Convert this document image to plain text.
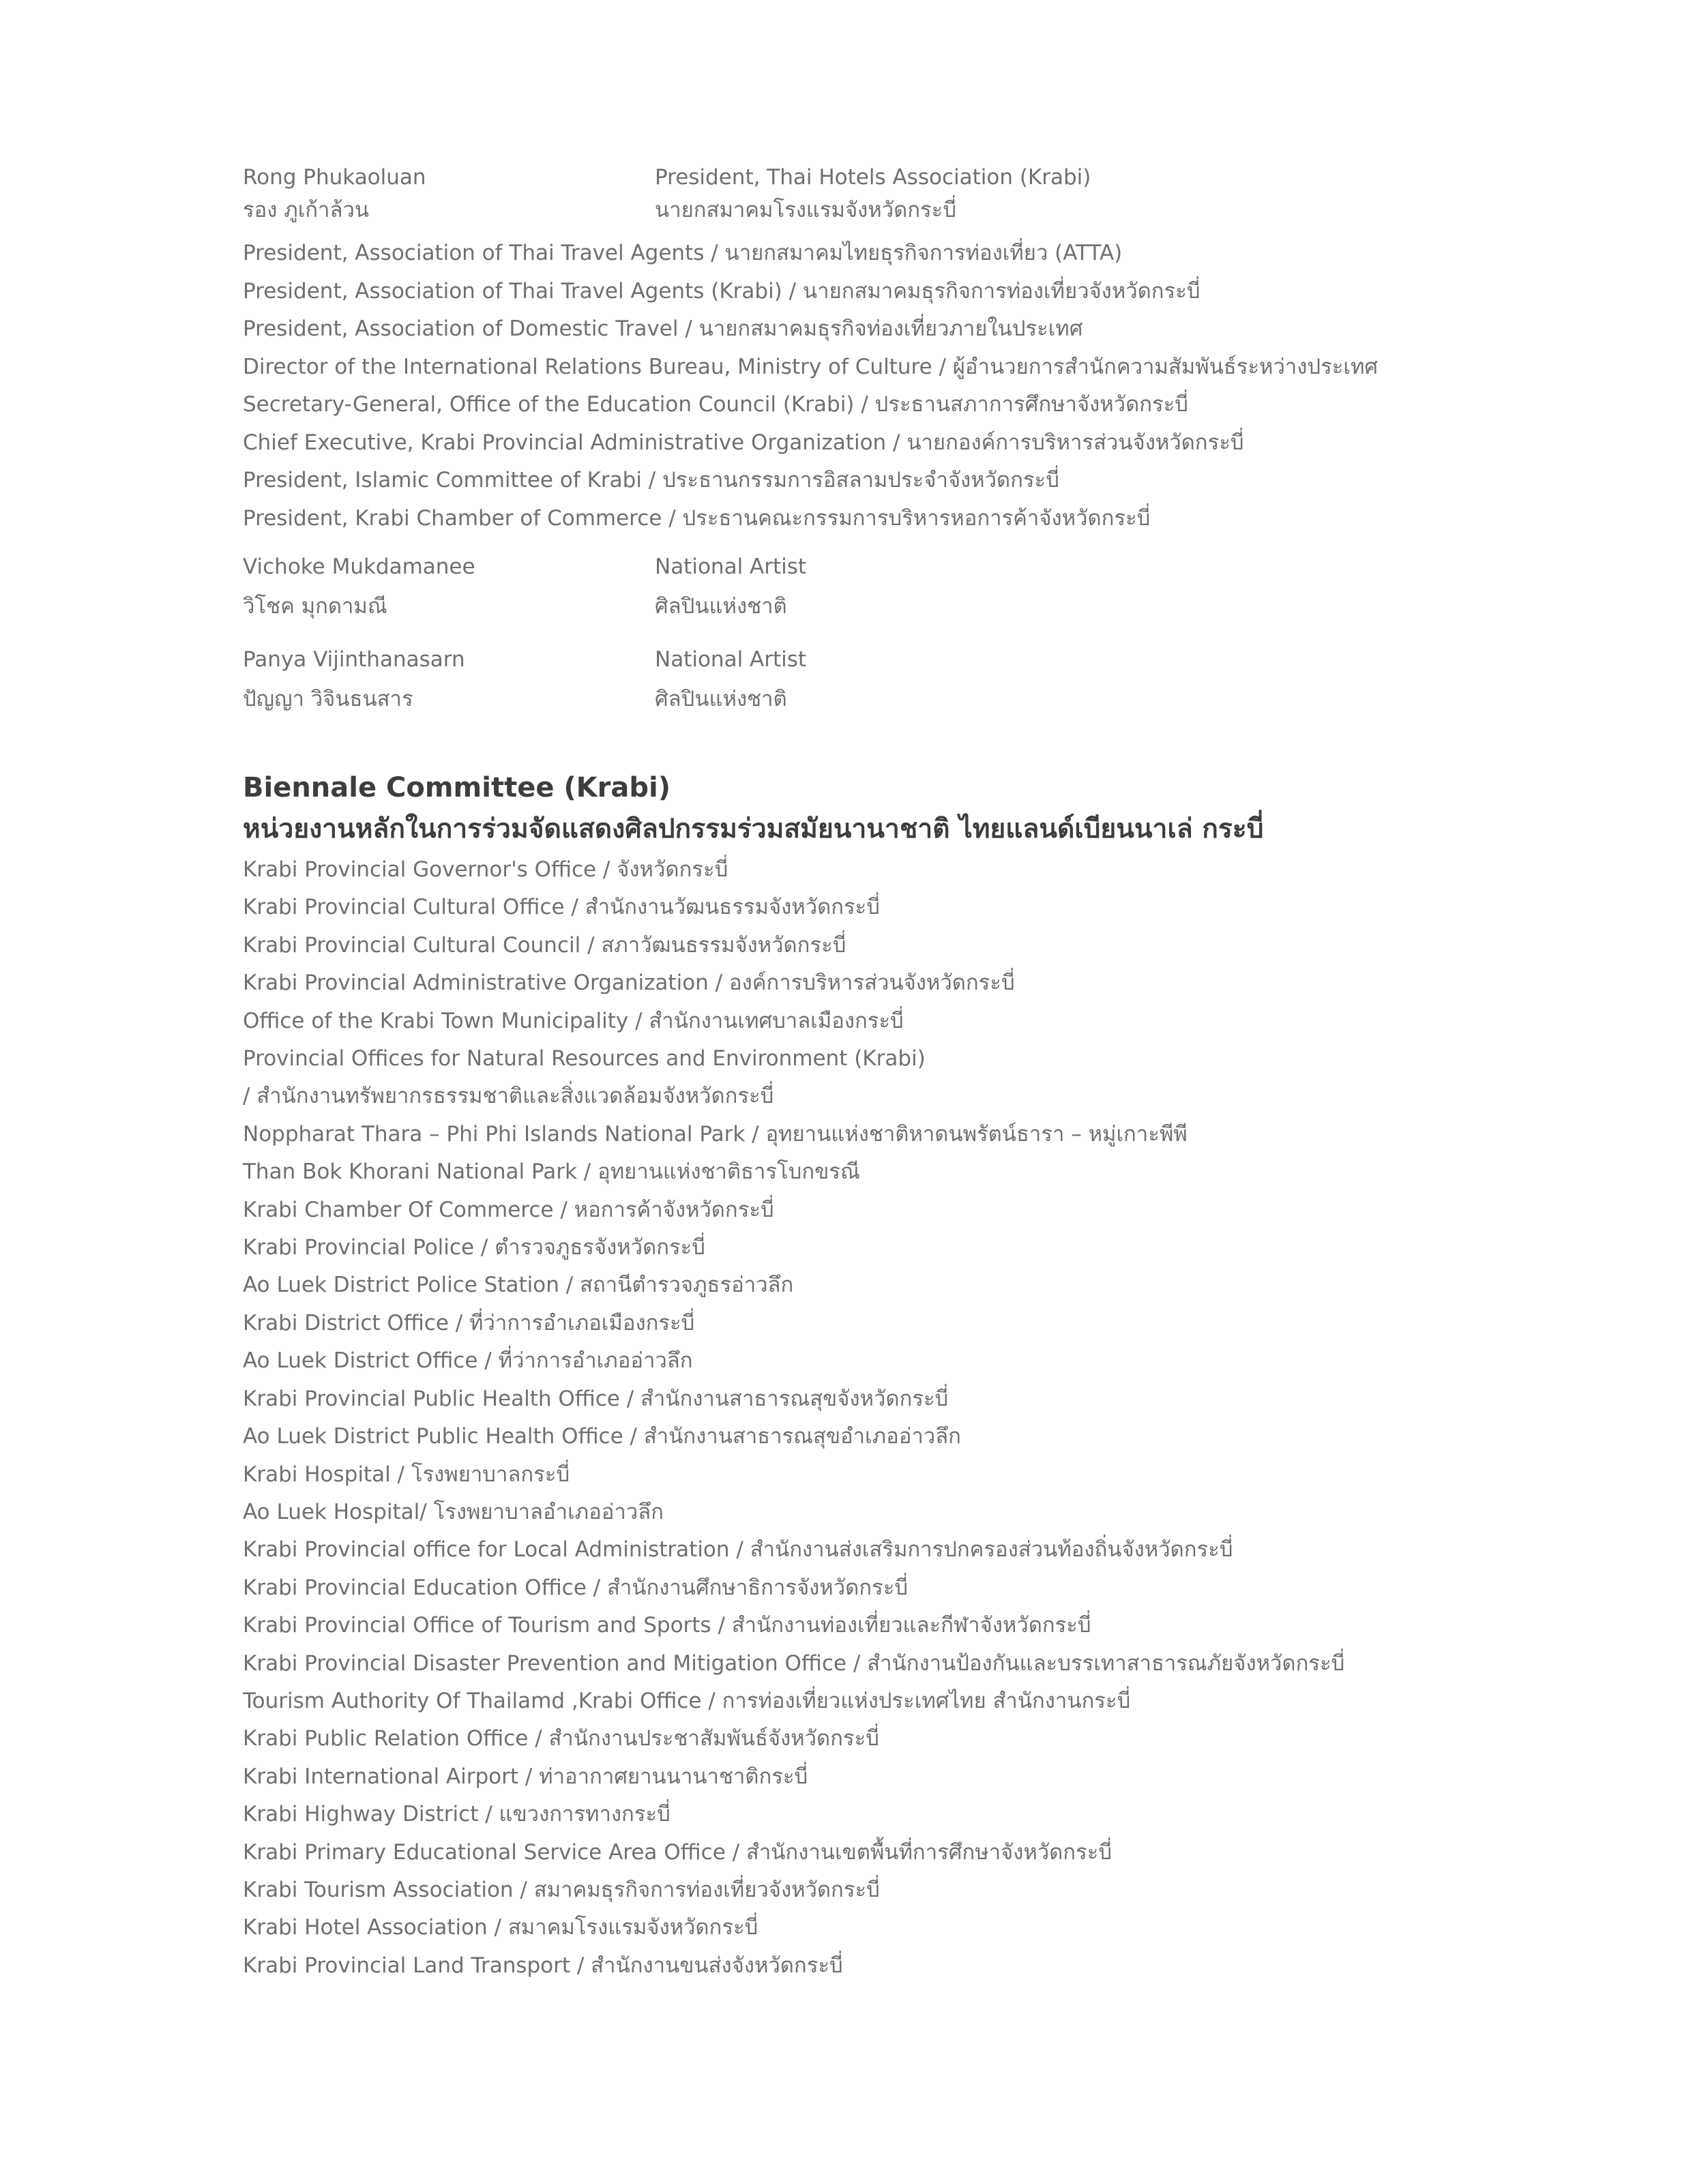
Rong Phukaoluan	President, Thai Hotels Association (Krabi)
รอง ภูเก้าล้วน	นายกสมาคมโรงแรมจังหวัดกระบี่
President, Association of Thai Travel Agents / นายกสมาคมไทยธุรกิจการท่องเที่ยว (ATTA)
President, Association of Thai Travel Agents (Krabi) / นายกสมาคมธุรกิจการท่องเที่ยวจังหวัดกระบี่
President, Association of Domestic Travel / นายกสมาคมธุรกิจท่องเที่ยวภายในประเทศ
Director of the International Relations Bureau, Ministry of Culture / ผู้อำนวยการสำนักความสัมพันธ์ระหว่างประเทศ
Secretary-General, Office of the Education Council (Krabi) / ประธานสภาการศึกษาจังหวัดกระบี่
Chief Executive, Krabi Provincial Administrative Organization / นายกองค์การบริหารส่วนจังหวัดกระบี่
President, Islamic Committee of Krabi / ประธานกรรมการอิสลามประจำจังหวัดกระบี่
President, Krabi Chamber of Commerce / ประธานคณะกรรมการบริหารหอการค้าจังหวัดกระบี่
Vichoke Mukdamanee	National Artist
วิโชค มุกดามณี	ศิลปินแห่งชาติ
Panya Vijinthanasarn	National Artist
ปัญญา วิจินธนสาร	ศิลปินแห่งชาติ
Biennale Committee (Krabi)
หน่วยงานหลักในการร่วมจัดแสดงศิลปกรรมร่วมสมัยนานาชาติ ไทยแลนด์เบียนนาเล่ กระบี่
Krabi Provincial Governor's Office / จังหวัดกระบี่
Krabi Provincial Cultural Office / สำนักงานวัฒนธรรมจังหวัดกระบี่
Krabi Provincial Cultural Council / สภาวัฒนธรรมจังหวัดกระบี่
Krabi Provincial Administrative Organization / องค์การบริหารส่วนจังหวัดกระบี่
Office of the Krabi Town Municipality / สำนักงานเทศบาลเมืองกระบี่
Provincial Offices for Natural Resources and Environment (Krabi)
/ สำนักงานทรัพยากรธรรมชาติและสิ่งแวดล้อมจังหวัดกระบี่
Noppharat Thara – Phi Phi Islands National Park / อุทยานแห่งชาติหาดนพรัตน์ธารา – หมู่เกาะพีพี
Than Bok Khorani National Park / อุทยานแห่งชาติธารโบกขรณี
Krabi Chamber Of Commerce / หอการค้าจังหวัดกระบี่
Krabi Provincial Police / ตำรวจภูธรจังหวัดกระบี่
Ao Luek District Police Station / สถานีตำรวจภูธรอ่าวลึก
Krabi District Office / ที่ว่าการอำเภอเมืองกระบี่
Ao Luek District Office / ที่ว่าการอำเภออ่าวลึก
Krabi Provincial Public Health Office / สำนักงานสาธารณสุขจังหวัดกระบี่
Ao Luek District Public Health Office / สำนักงานสาธารณสุขอำเภออ่าวลึก
Krabi Hospital / โรงพยาบาลกระบี่
Ao Luek Hospital/ โรงพยาบาลอำเภออ่าวลึก
Krabi Provincial office for Local Administration / สำนักงานส่งเสริมการปกครองส่วนท้องถิ่นจังหวัดกระบี่
Krabi Provincial Education Office / สำนักงานศึกษาธิการจังหวัดกระบี่
Krabi Provincial Office of Tourism and Sports / สำนักงานท่องเที่ยวและกีฬาจังหวัดกระบี่
Krabi Provincial Disaster Prevention and Mitigation Office / สำนักงานป้องกันและบรรเทาสาธารณภัยจังหวัดกระบี่
Tourism Authority Of Thailamd ,Krabi Office / การท่องเที่ยวแห่งประเทศไทย สำนักงานกระบี่
Krabi Public Relation Office / สำนักงานประชาสัมพันธ์จังหวัดกระบี่
Krabi International Airport / ท่าอากาศยานนานาชาติกระบี่
Krabi Highway District / แขวงการทางกระบี่
Krabi Primary Educational Service Area Office / สำนักงานเขตพื้นที่การศึกษาจังหวัดกระบี่
Krabi Tourism Association / สมาคมธุรกิจการท่องเที่ยวจังหวัดกระบี่
Krabi Hotel Association / สมาคมโรงแรมจังหวัดกระบี่
Krabi Provincial Land Transport / สำนักงานขนส่งจังหวัดกระบี่
